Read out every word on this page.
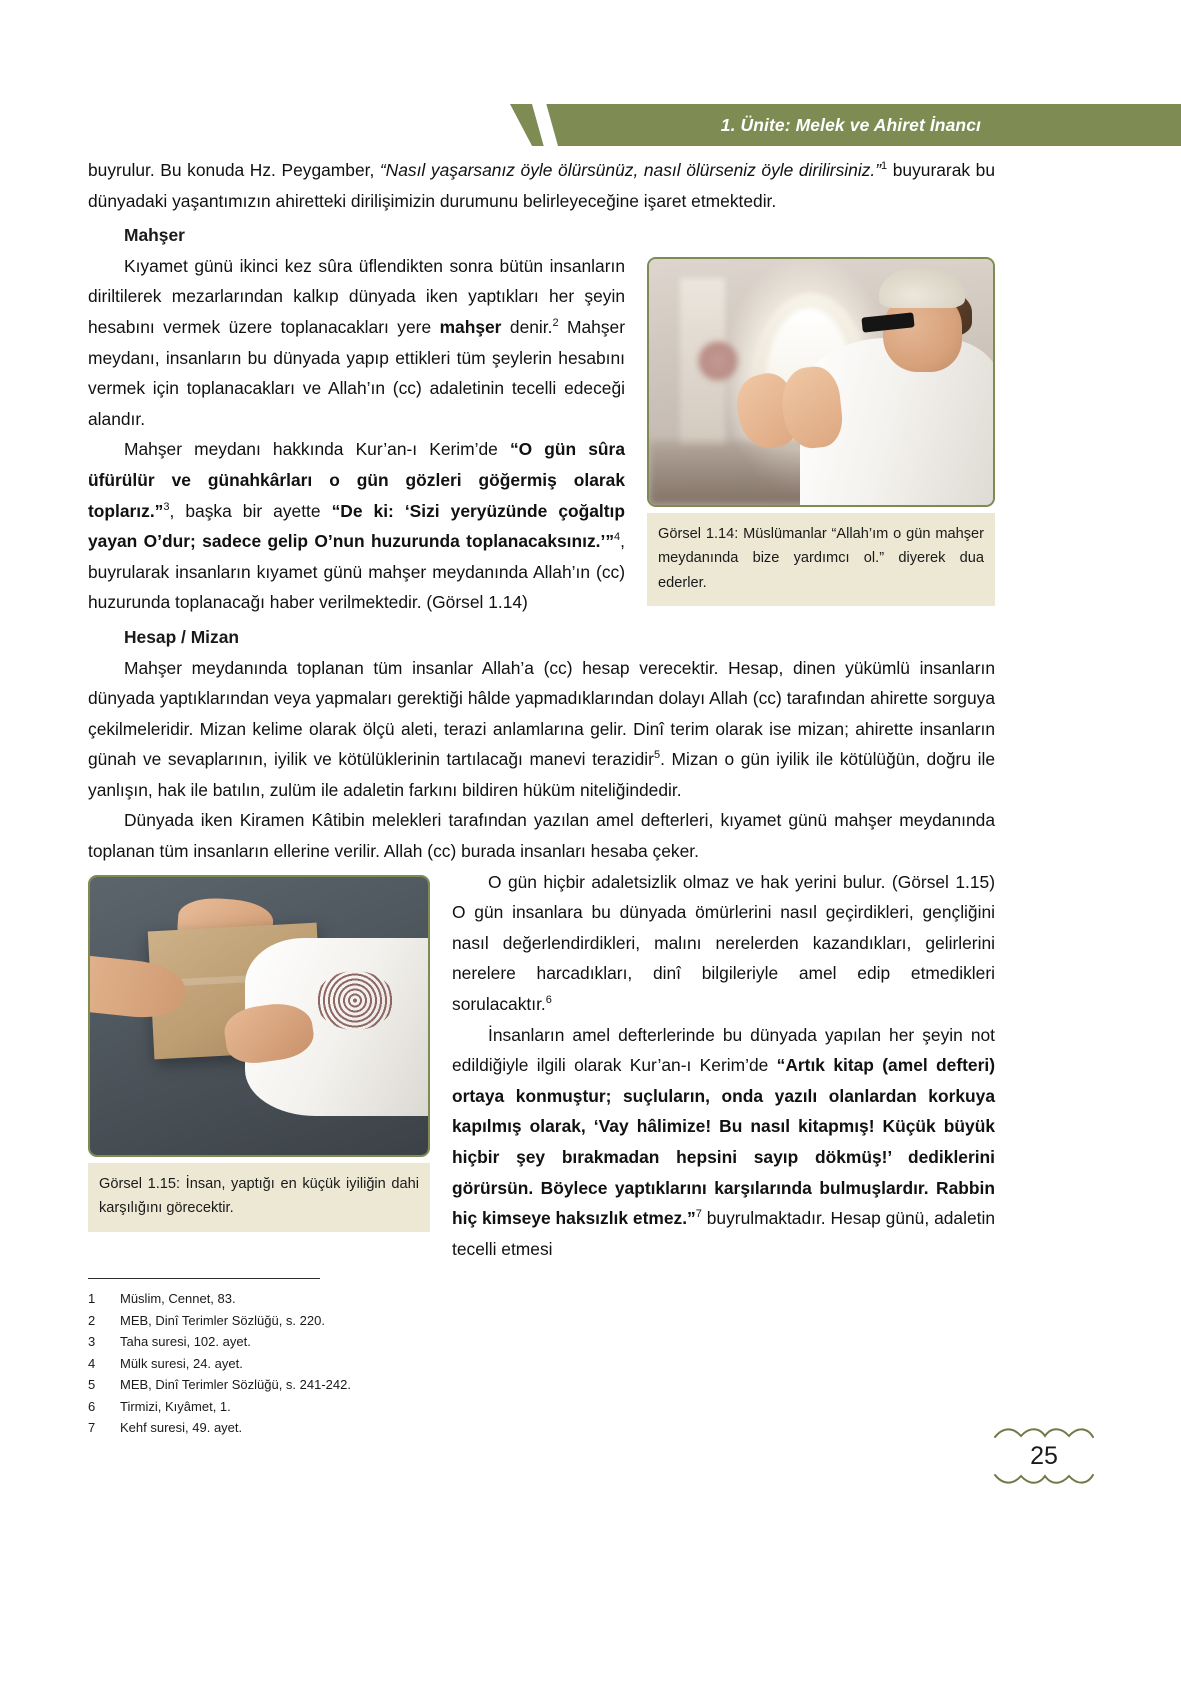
1. Ünite: Melek ve Ahiret İnancı

buyrulur. Bu konuda Hz. Peygamber, “Nasıl yaşarsanız öyle ölürsünüz, nasıl ölürseniz öyle dirilirsiniz.”$^1$ buyurarak bu dünyadaki yaşantımızın ahiretteki dirilişimizin durumunu belirleyeceğine işaret etmektedir.

Mahşer

Görsel 1.14: Müslümanlar “Allah’ım o gün mahşer meydanında bize yardımcı ol.” diyerek dua ederler.

Kıyamet günü ikinci kez sûra üflendikten sonra bütün insanların diriltilerek mezarlarından kalkıp dünyada iken yaptıkları her şeyin hesabını vermek üzere toplanacakları yere mahşer denir.$^2$ Mahşer meydanı, insanların bu dünyada yapıp ettikleri tüm şeylerin hesabını vermek için toplanacakları ve Allah’ın (cc) adaletinin tecelli edeceği alandır.

Mahşer meydanı hakkında Kur’an-ı Kerim’de “O gün sûra üfürülür ve günahkârları o gün gözleri göğermiş olarak toplarız.”$^3$, başka bir ayette “De ki: ‘Sizi yeryüzünde çoğaltıp yayan O’dur; sadece gelip O’nun huzurunda toplanacaksınız.’”$^4$, buyrularak insanların kıyamet günü mahşer meydanında Allah’ın (cc) huzurunda toplanacağı haber verilmektedir. (Görsel 1.14)

Hesap / Mizan

Mahşer meydanında toplanan tüm insanlar Allah’a (cc) hesap verecektir. Hesap, dinen yükümlü insanların dünyada yaptıklarından veya yapmaları gerektiği hâlde yapmadıklarından dolayı Allah (cc) tarafından ahirette sorguya çekilmeleridir. Mizan kelime olarak ölçü aleti, terazi anlamlarına gelir. Dinî terim olarak ise mizan; ahirette insanların günah ve sevaplarının, iyilik ve kötülüklerinin tartılacağı manevi terazidir$^5$. Mizan o gün iyilik ile kötülüğün, doğru ile yanlışın, hak ile batılın, zulüm ile adaletin farkını bildiren hüküm niteliğindedir.

Dünyada iken Kiramen Kâtibin melekleri tarafından yazılan amel defterleri, kıyamet günü mahşer meydanında toplanan tüm insanların ellerine verilir. Allah (cc) burada insanları hesaba çeker.

Görsel 1.15: İnsan, yaptığı en küçük iyiliğin dahi karşılığını görecektir.

O gün hiçbir adaletsizlik olmaz ve hak yerini bulur. (Görsel 1.15) O gün insanlara bu dünyada ömürlerini nasıl geçirdikleri, gençliğini nasıl değerlendirdikleri, malını nerelerden kazandıkları, gelirlerini nerelere harcadıkları, dinî bilgileriyle amel edip etmedikleri sorulacaktır.$^6$

İnsanların amel defterlerinde bu dünyada yapılan her şeyin not edildiğiyle ilgili olarak Kur’an-ı Kerim’de “Artık kitap (amel defteri) ortaya konmuştur; suçluların, onda yazılı olanlardan korkuya kapılmış olarak, ‘Vay hâlimize! Bu nasıl kitapmış! Küçük büyük hiçbir şey bırakmadan hepsini sayıp dökmüş!’ dediklerini görürsün. Böylece yaptıklarını karşılarında bulmuşlardır. Rabbin hiç kimseye haksızlık etmez.”$^7$ buyrulmaktadır. Hesap günü, adaletin tecelli etmesi

1	Müslim, Cennet, 83.
2	MEB, Dinî Terimler Sözlüğü, s. 220.
3	Taha suresi, 102. ayet.
4	Mülk suresi, 24. ayet.
5	MEB, Dinî Terimler Sözlüğü, s. 241-242.
6	Tirmizi, Kıyâmet, 1.
7	Kehf suresi, 49. ayet.
25
